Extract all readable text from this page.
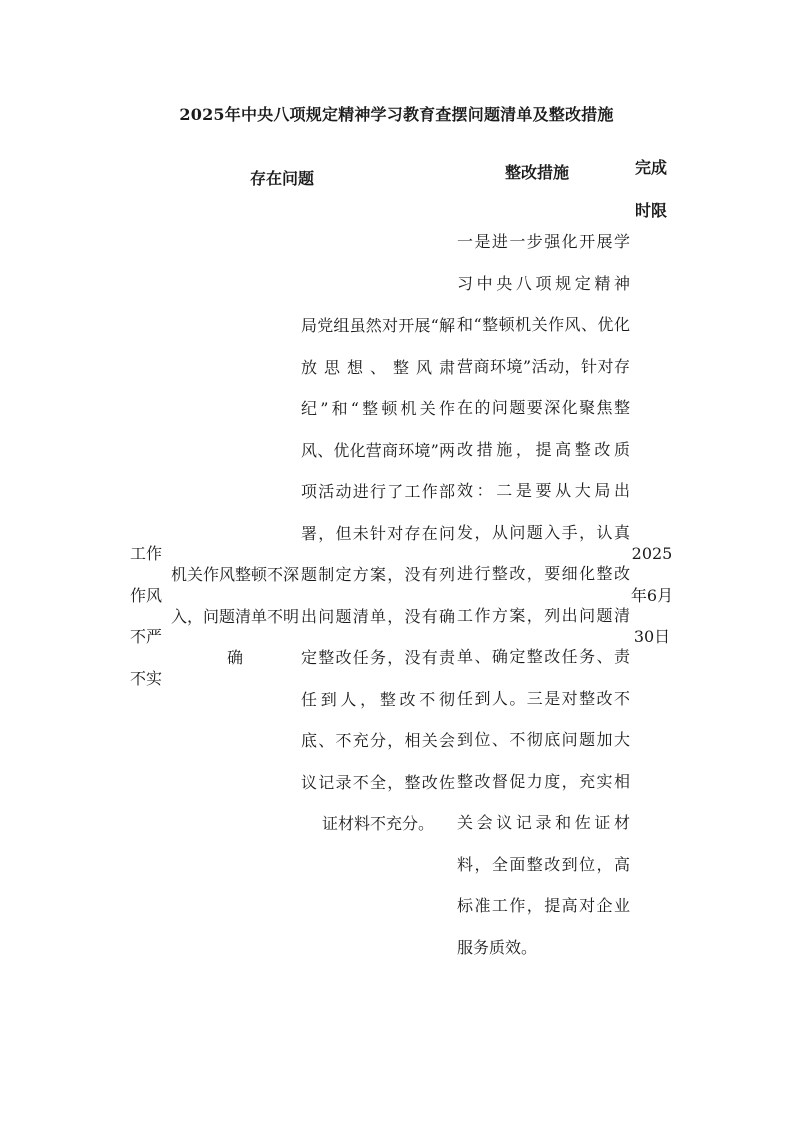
2025年中央八项规定精神学习教育查摆问题清单及整改措施
存在问题	整改措施	完成时限
工作作风不严不实
机关作风整顿不深入，问题清单不明确
局党组虽然对开展“解放思想、整风肃纪”和“整顿机关作风、优化营商环境”两项活动进行了工作部署，但未针对存在问题制定方案，没有列出问题清单，没有确定整改任务，没有责任到人，整改不彻底、不充分，相关会议记录不全，整改佐证材料不充分。
一是进一步强化开展学习中央八项规定精神和“整顿机关作风、优化营商环境”活动，针对存在的问题要深化聚焦整改措施，提高整改质效：二是要从大局出发，从问题入手，认真进行整改，要细化整改工作方案，列出问题清单、确定整改任务、责任到人。三是对整改不到位、不彻底问题加大整改督促力度，充实相关会议记录和佐证材料，全面整改到位，高标准工作，提高对企业服务质效。
2025年6月30日
